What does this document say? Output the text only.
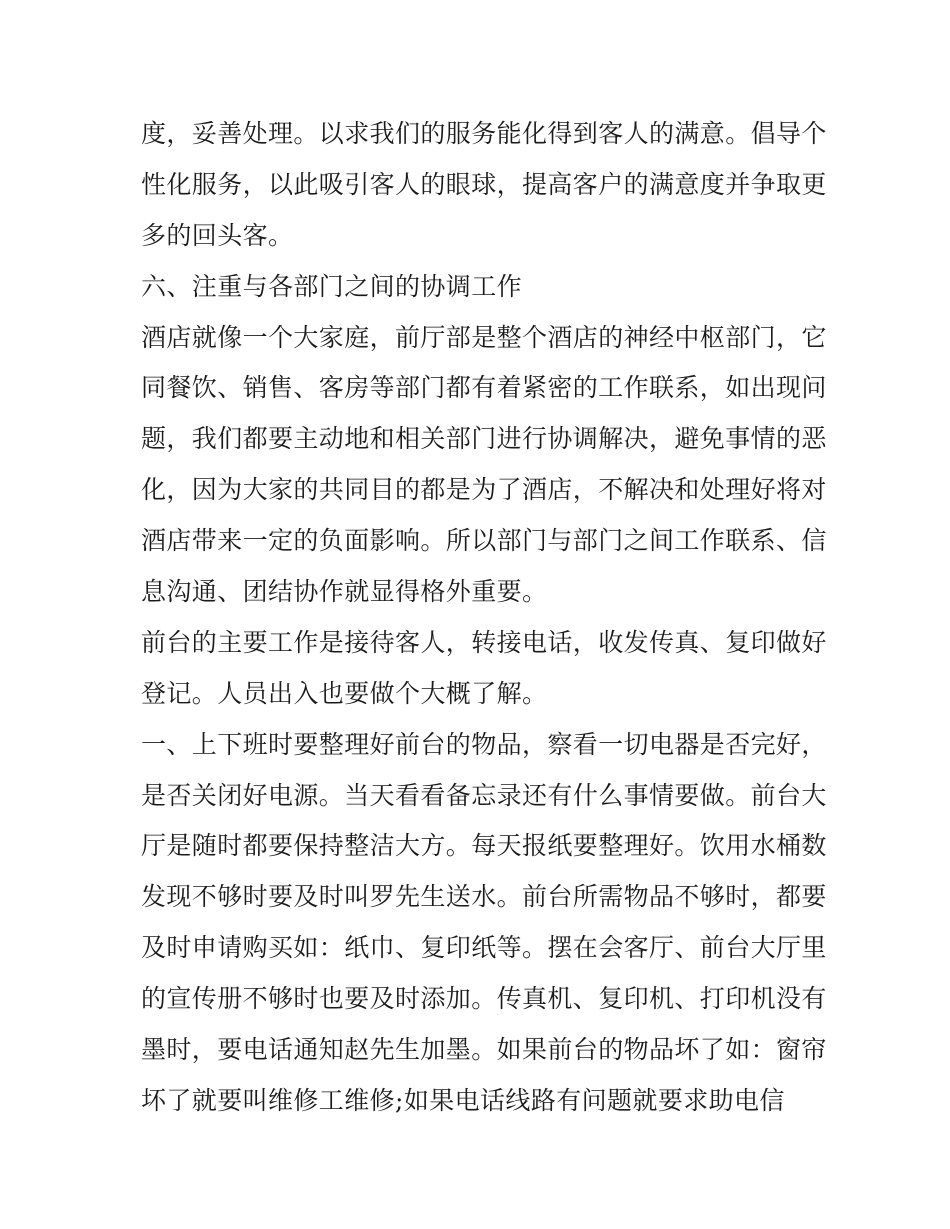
度，妥善处理。以求我们的服务能化得到客人的满意。倡导个
性化服务，以此吸引客人的眼球，提高客户的满意度并争取更
多的回头客。
六、注重与各部门之间的协调工作
酒店就像一个大家庭，前厅部是整个酒店的神经中枢部门，它
同餐饮、销售、客房等部门都有着紧密的工作联系，如出现问
题，我们都要主动地和相关部门进行协调解决，避免事情的恶
化，因为大家的共同目的都是为了酒店，不解决和处理好将对
酒店带来一定的负面影响。所以部门与部门之间工作联系、信
息沟通、团结协作就显得格外重要。
前台的主要工作是接待客人，转接电话，收发传真、复印做好
登记。人员出入也要做个大概了解。
一、上下班时要整理好前台的物品，察看一切电器是否完好，
是否关闭好电源。当天看看备忘录还有什么事情要做。前台大
厅是随时都要保持整洁大方。每天报纸要整理好。饮用水桶数
发现不够时要及时叫罗先生送水。前台所需物品不够时，都要
及时申请购买如：纸巾、复印纸等。摆在会客厅、前台大厅里
的宣传册不够时也要及时添加。传真机、复印机、打印机没有
墨时，要电话通知赵先生加墨。如果前台的物品坏了如：窗帘
坏了就要叫维修工维修;如果电话线路有问题就要求助电信
